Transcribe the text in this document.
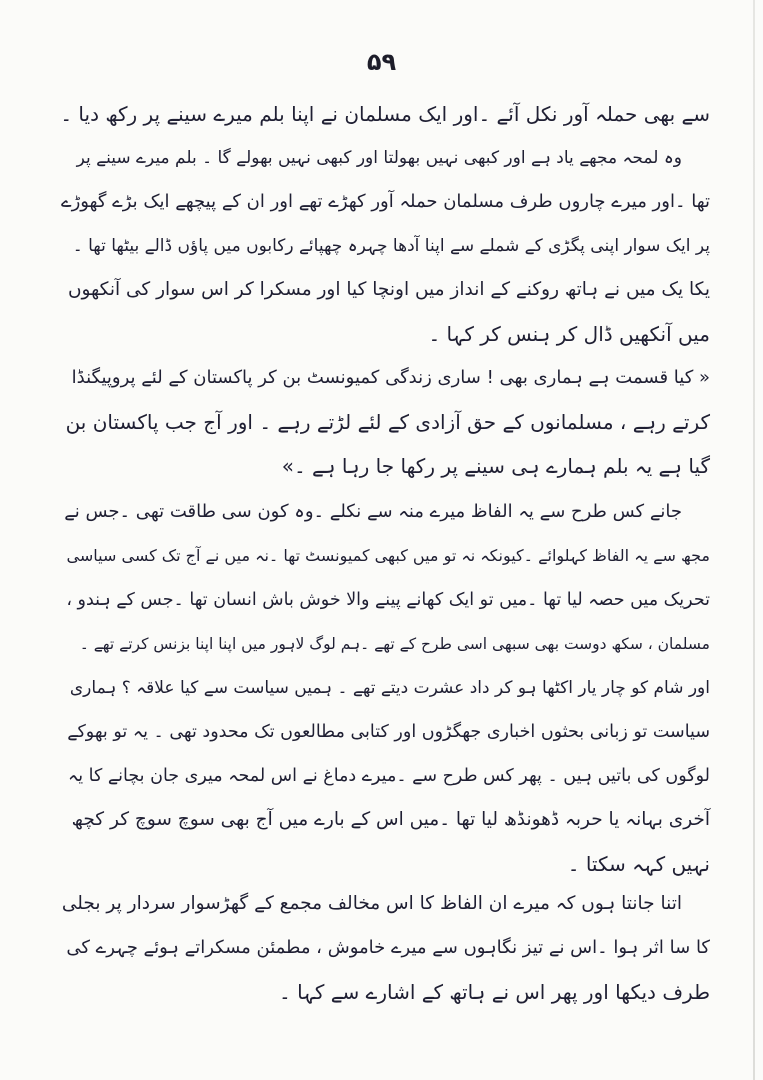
۵۹
سے بھی حملہ آور نکل آئے ۔اور ایک مسلمان نے اپنا بلم میرے سینے پر رکھ دیا ۔
وہ لمحہ مجھے یاد ہے اور کبھی نہیں بھولتا اور کبھی نہیں بھولے گا ۔ بلم میرے سینے پر
تھا ۔اور میرے چاروں طرف مسلمان حملہ آور کھڑے تھے اور ان کے پیچھے ایک بڑے گھوڑے
پر ایک سوار اپنی پگڑی کے شملے سے اپنا آدھا چہرہ چھپائے رکابوں میں پاؤں ڈالے بیٹھا تھا ۔
یکا یک میں نے ہاتھ روکنے کے انداز میں اونچا کیا اور مسکرا کر اس سوار کی آنکھوں
میں آنکھیں ڈال کر ہنس کر کہا ۔
« کیا قسمت ہے ہماری بھی ! ساری زندگی کمیونسٹ بن کر پاکستان کے لئے پروپیگنڈا
کرتے رہے ، مسلمانوں کے حق آزادی کے لئے لڑتے رہے ۔ اور آج جب پاکستان بن
گیا ہے یہ بلم ہمارے ہی سینے پر رکھا جا رہا ہے ۔»
جانے کس طرح سے یہ الفاظ میرے منہ سے نکلے ۔وہ کون سی طاقت تھی ۔جس نے
مجھ سے یہ الفاظ کہلوائے ۔کیونکہ نہ تو میں کبھی کمیونسٹ تھا ۔نہ میں نے آج تک کسی سیاسی
تحریک میں حصہ لیا تھا ۔میں تو ایک کھانے پینے والا خوش باش انسان تھا ۔جس کے ہندو ،
مسلمان ، سکھ دوست بھی سبھی اسی طرح کے تھے ۔ہم لوگ لاہور میں اپنا اپنا بزنس کرتے تھے ۔
اور شام کو چار یار اکٹھا ہو کر داد عشرت دیتے تھے ۔ ہمیں سیاست سے کیا علاقہ ؟ ہماری
سیاست تو زبانی بحثوں اخباری جھگڑوں اور کتابی مطالعوں تک محدود تھی ۔ یہ تو بھوکے
لوگوں کی باتیں ہیں ۔ پھر کس طرح سے ۔میرے دماغ نے اس لمحہ میری جان بچانے کا یہ
آخری بہانہ یا حربہ ڈھونڈھ لیا تھا ۔میں اس کے بارے میں آج بھی سوچ سوچ کر کچھ
نہیں کہہ سکتا ۔
اتنا جانتا ہوں کہ میرے ان الفاظ کا اس مخالف مجمع کے گھڑسوار سردار پر بجلی
کا سا اثر ہوا ۔اس نے تیز نگاہوں سے میرے خاموش ، مطمئن مسکراتے ہوئے چہرے کی
طرف دیکھا اور پھر اس نے ہاتھ کے اشارے سے کہا ۔
